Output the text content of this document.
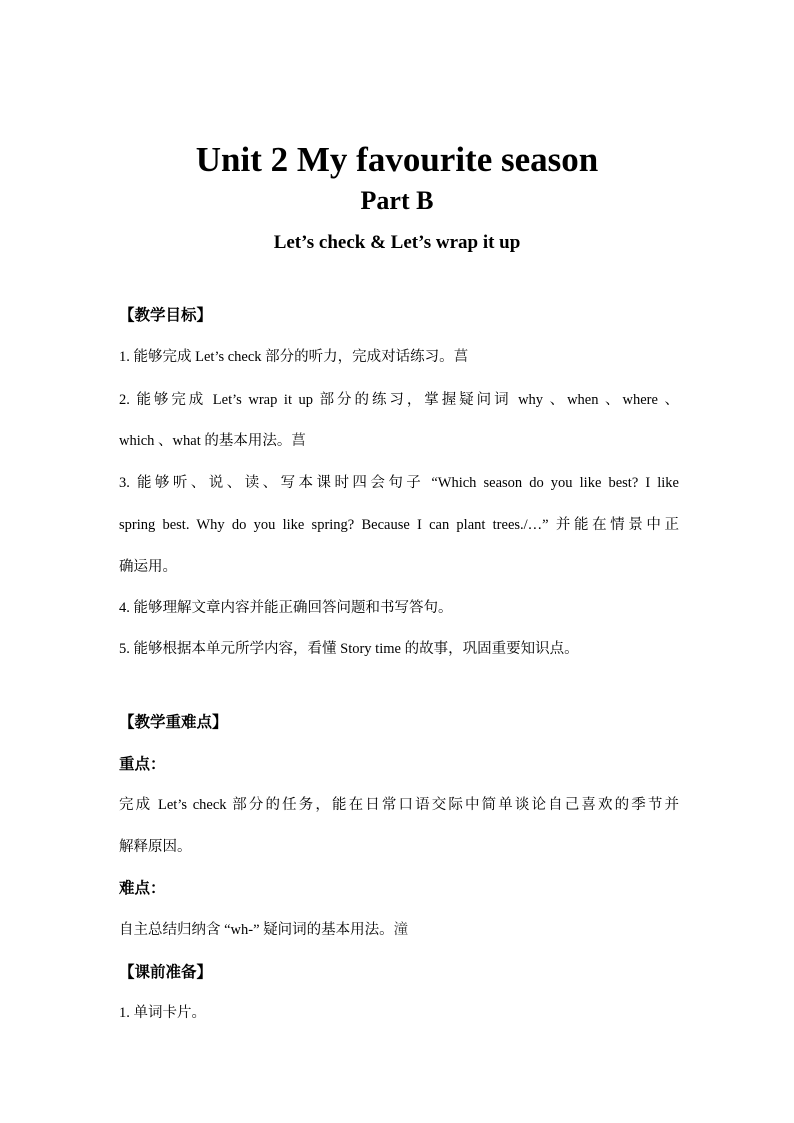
Unit 2 My favourite season
Part B
Let’s check & Let’s wrap it up
【教学目标】
1. 能够完成 Let’s check 部分的听力，完成对话练习。菖
2. 能够完成 Let’s wrap it up 部分的练习，掌握疑问词 why 、when 、where 、
which 、what 的基本用法。菖
3. 能够听、说、读、写本课时四会句子 “Which season do you like best? I like
spring best. Why do you like spring? Because I can plant trees./…” 并能在情景中正
确运用。
4. 能够理解文章内容并能正确回答问题和书写答句。
5. 能够根据本单元所学内容，看懂 Story time 的故事，巩固重要知识点。
【教学重难点】
重点：
完成 Let’s check 部分的任务，能在日常口语交际中简单谈论自己喜欢的季节并
解释原因。
难点：
自主总结归纳含 “wh-” 疑问词的基本用法。潼
【课前准备】
1. 单词卡片。
